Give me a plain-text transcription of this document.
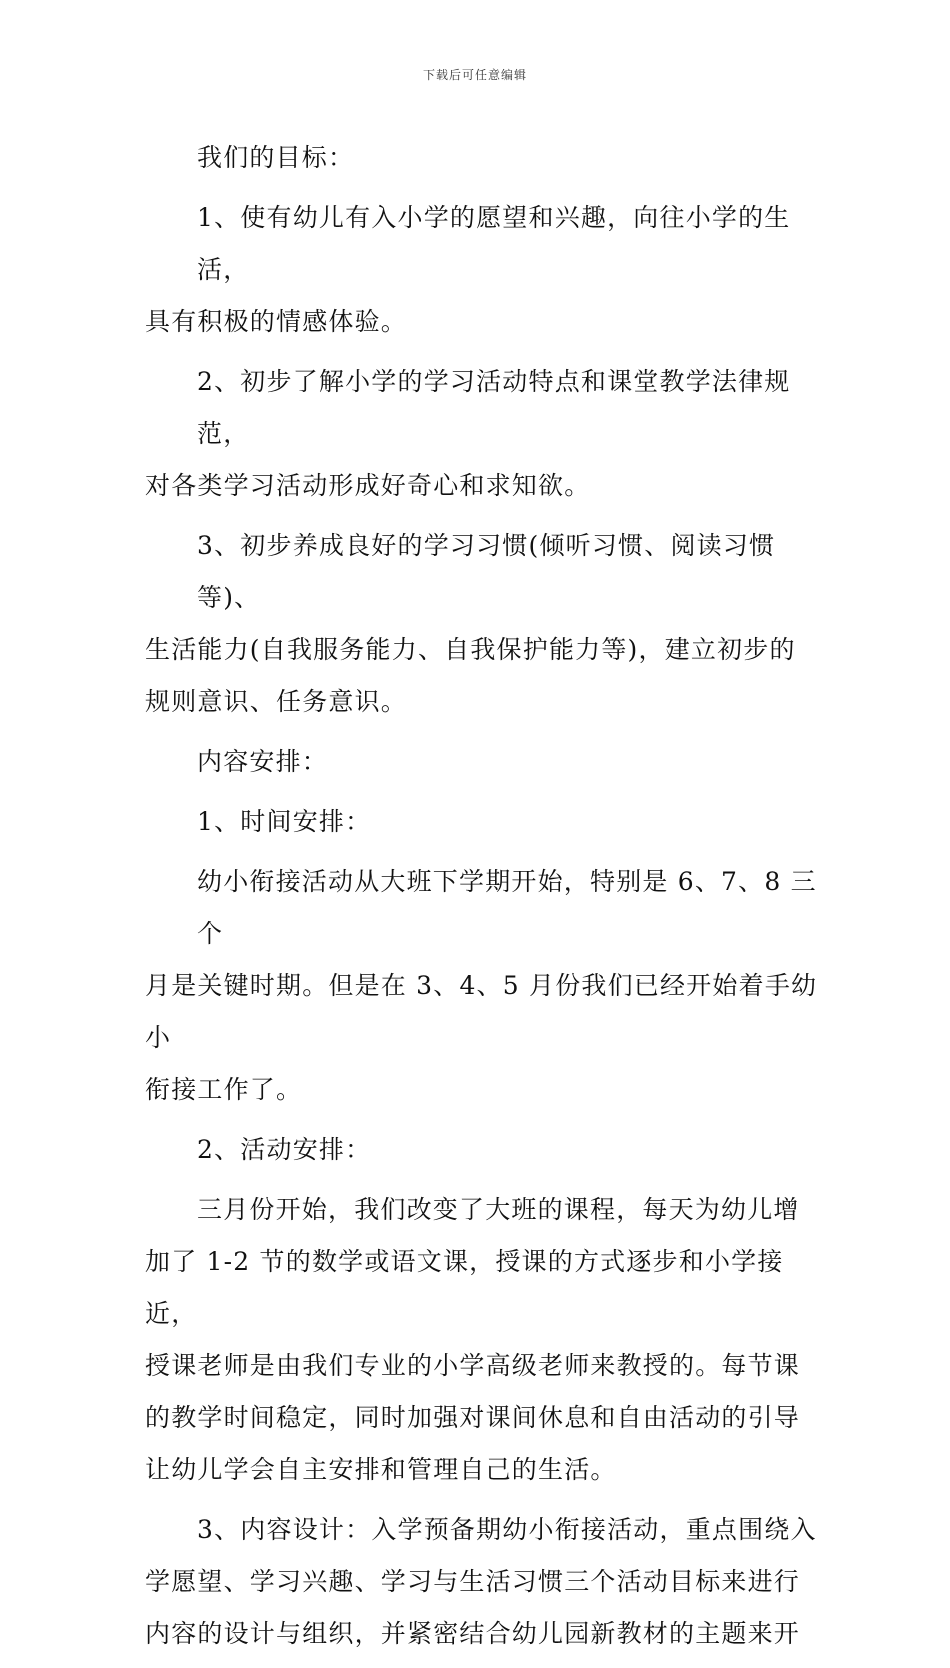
下载后可任意编辑

我们的目标：

1、使有幼儿有入小学的愿望和兴趣，向往小学的生活，
具有积极的情感体验。

2、初步了解小学的学习活动特点和课堂教学法律规范，
对各类学习活动形成好奇心和求知欲。

3、初步养成良好的学习习惯(倾听习惯、阅读习惯等)、
生活能力(自我服务能力、自我保护能力等)，建立初步的
规则意识、任务意识。

内容安排：

1、时间安排：

幼小衔接活动从大班下学期开始，特别是 6、7、8 三个
月是关键时期。但是在 3、4、5 月份我们已经开始着手幼小
衔接工作了。

2、活动安排：

三月份开始，我们改变了大班的课程，每天为幼儿增
加了 1-2 节的数学或语文课，授课的方式逐步和小学接近，
授课老师是由我们专业的小学高级老师来教授的。每节课
的教学时间稳定，同时加强对课间休息和自由活动的引导
让幼儿学会自主安排和管理自己的生活。

3、内容设计：入学预备期幼小衔接活动，重点围绕入
学愿望、学习兴趣、学习与生活习惯三个活动目标来进行
内容的设计与组织，并紧密结合幼儿园新教材的主题来开
